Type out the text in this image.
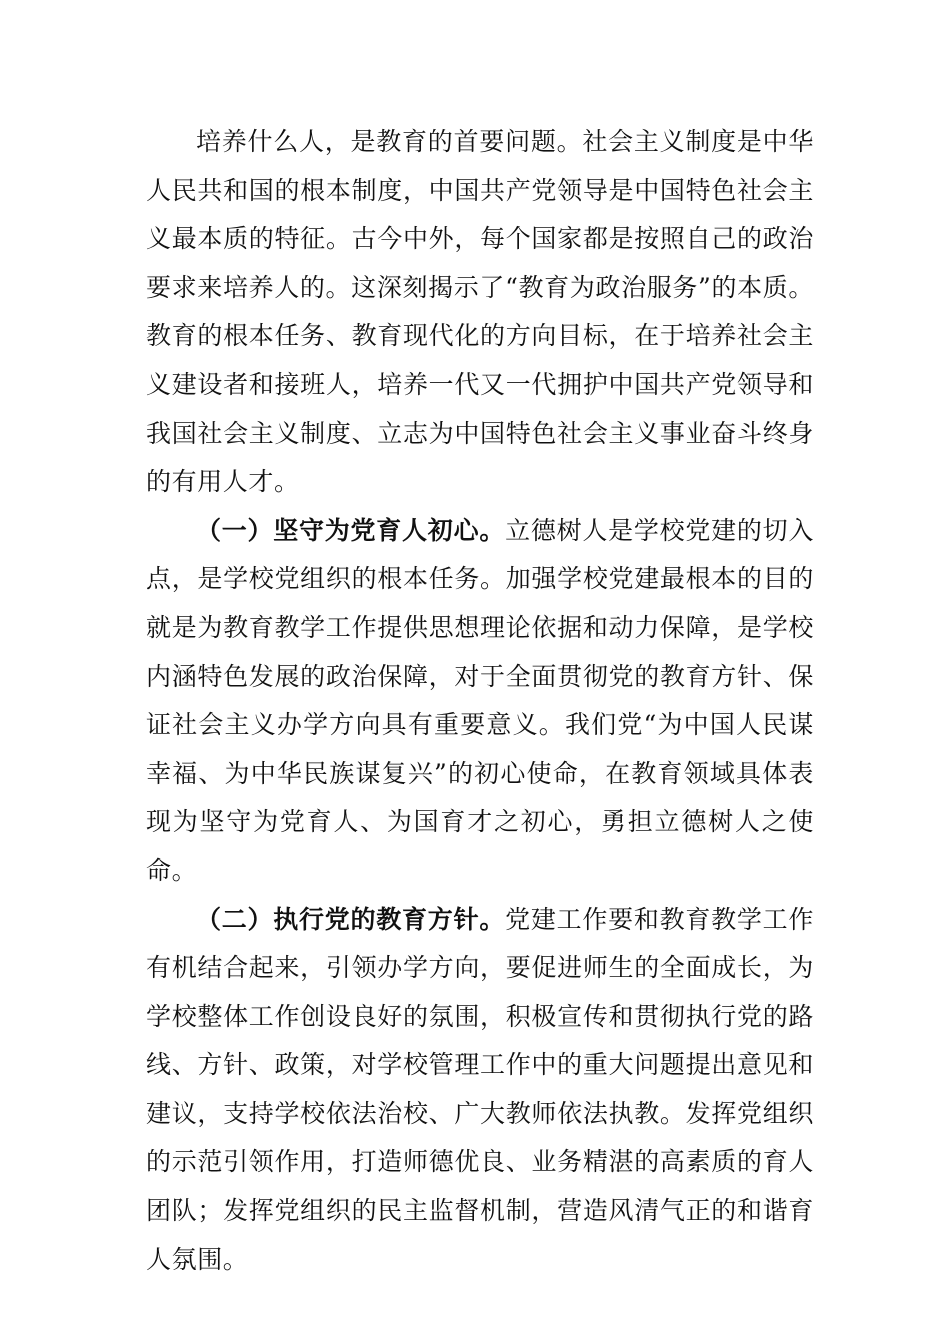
培养什么人，是教育的首要问题。社会主义制度是中华人民共和国的根本制度，中国共产党领导是中国特色社会主义最本质的特征。古今中外，每个国家都是按照自己的政治要求来培养人的。这深刻揭示了“教育为政治服务”的本质。教育的根本任务、教育现代化的方向目标，在于培养社会主义建设者和接班人，培养一代又一代拥护中国共产党领导和我国社会主义制度、立志为中国特色社会主义事业奋斗终身的有用人才。

（一）坚守为党育人初心。立德树人是学校党建的切入点，是学校党组织的根本任务。加强学校党建最根本的目的就是为教育教学工作提供思想理论依据和动力保障，是学校内涵特色发展的政治保障，对于全面贯彻党的教育方针、保证社会主义办学方向具有重要意义。我们党“为中国人民谋幸福、为中华民族谋复兴”的初心使命，在教育领域具体表现为坚守为党育人、为国育才之初心，勇担立德树人之使命。

（二）执行党的教育方针。党建工作要和教育教学工作有机结合起来，引领办学方向，要促进师生的全面成长，为学校整体工作创设良好的氛围，积极宣传和贯彻执行党的路线、方针、政策，对学校管理工作中的重大问题提出意见和建议，支持学校依法治校、广大教师依法执教。发挥党组织的示范引领作用，打造师德优良、业务精湛的高素质的育人团队；发挥党组织的民主监督机制，营造风清气正的和谐育人氛围。
